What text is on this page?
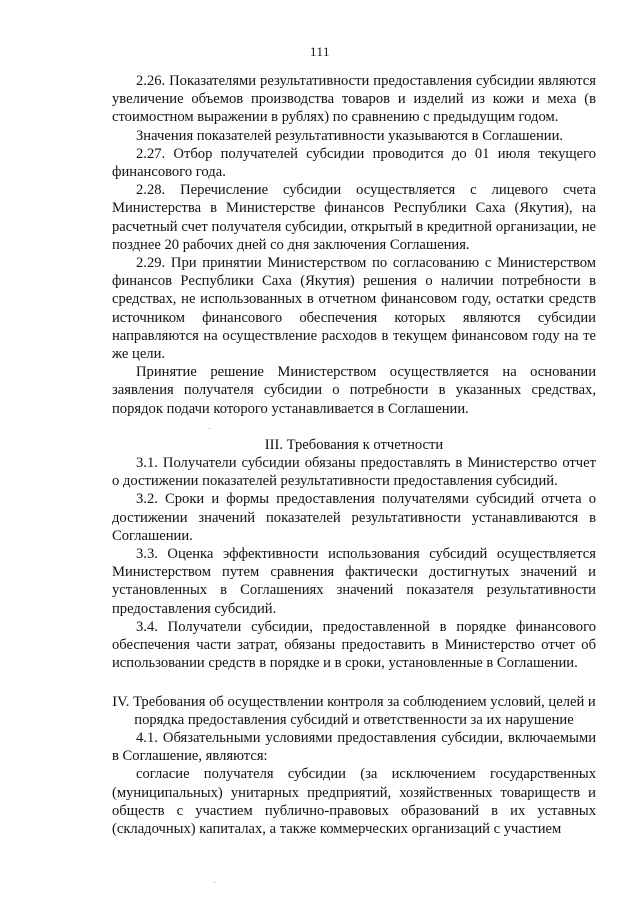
111

2.26. Показателями результативности предоставления субсидии являются увеличение объемов производства товаров и изделий из кожи и меха (в стоимостном выражении в рублях) по сравнению с предыдущим годом.

Значения показателей результативности указываются в Соглашении.

2.27. Отбор получателей субсидии проводится до 01 июля текущего финансового года.

2.28. Перечисление субсидии осуществляется с лицевого счета Министерства в Министерстве финансов Республики Саха (Якутия), на расчетный счет получателя субсидии, открытый в кредитной организации, не позднее 20 рабочих дней со дня заключения Соглашения.

2.29. При принятии Министерством по согласованию с Министерством финансов Республики Саха (Якутия) решения о наличии потребности в средствах, не использованных в отчетном финансовом году, остатки средств источником финансового обеспечения которых являются субсидии направляются на осуществление расходов в текущем финансовом году на те же цели.

Принятие решение Министерством осуществляется на основании заявления получателя субсидии о потребности в указанных средствах, порядок подачи которого устанавливается в Соглашении.

III. Требования к отчетности

3.1. Получатели субсидии обязаны предоставлять в Министерство отчет о достижении показателей результативности предоставления субсидий.

3.2. Сроки и формы предоставления получателями субсидий отчета о достижении значений показателей результативности устанавливаются в Соглашении.

3.3. Оценка эффективности использования субсидий осуществляется Министерством путем сравнения фактически достигнутых значений и установленных в Соглашениях значений показателя результативности предоставления субсидий.

3.4. Получатели субсидии, предоставленной в порядке финансового обеспечения части затрат, обязаны предоставить в Министерство отчет об использовании средств в порядке и в сроки, установленные в Соглашении.

IV. Требования об осуществлении контроля за соблюдением условий, целей и порядка предоставления субсидий и ответственности за их нарушение

4.1. Обязательными условиями предоставления субсидии, включаемыми в Соглашение, являются:

согласие получателя субсидии (за исключением государственных (муниципальных) унитарных предприятий, хозяйственных товариществ и обществ с участием публично-правовых образований в их уставных (складочных) капиталах, а также коммерческих организаций с участием
